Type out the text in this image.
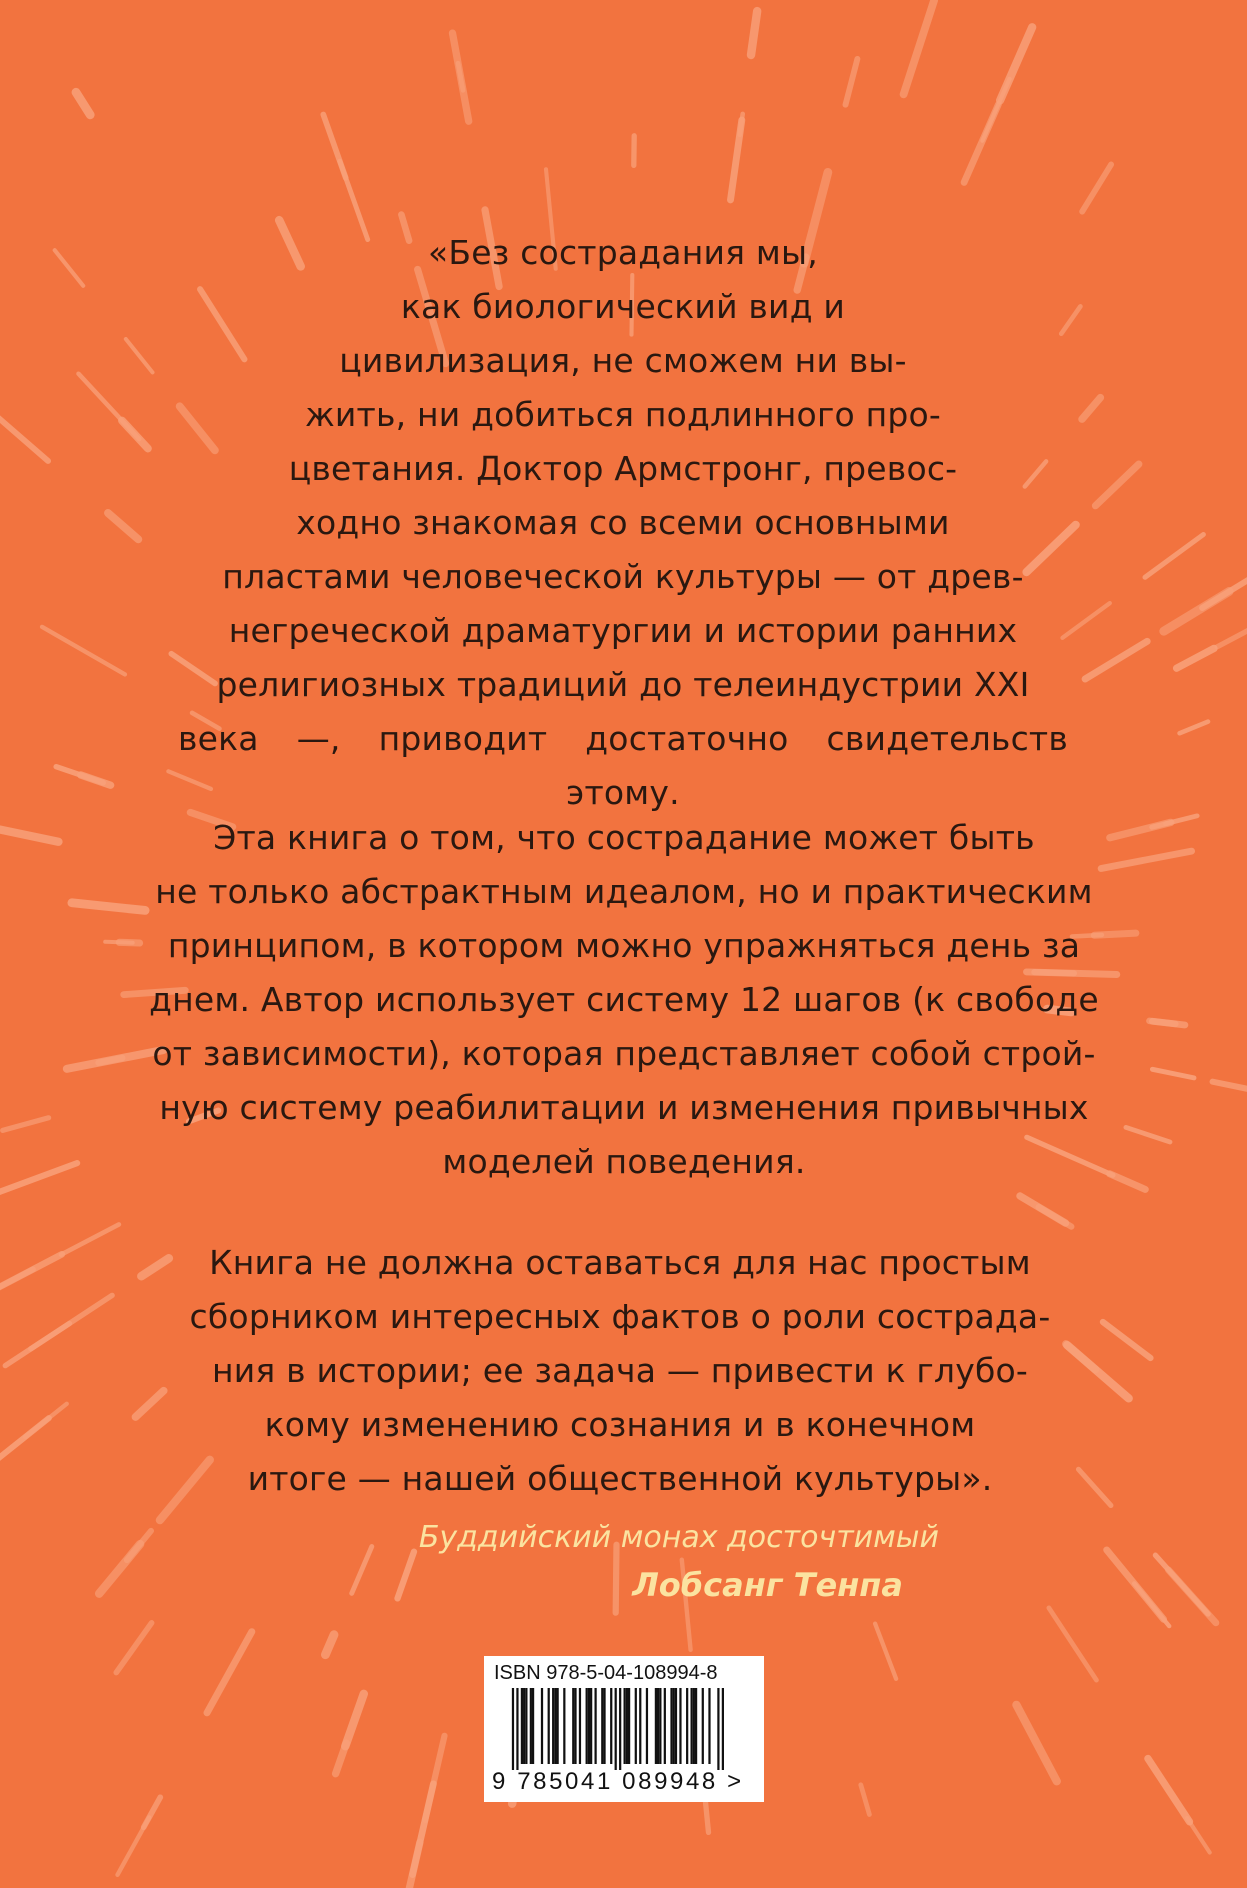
«Без сострадания мы,
как биологический вид и
цивилизация, не сможем ни вы-
жить, ни добиться подлинного про-
цветания. Доктор Армстронг, превос-
ходно знакомая со всеми основными
пластами человеческой культуры — от древ-
негреческой драматургии и истории ранних
религиозных традиций до телеиндустрии XXI
века —, приводит достаточно свидетельств этому.

Эта книга о том, что сострадание может быть
не только абстрактным идеалом, но и практическим
принципом, в котором можно упражняться день за
днем. Автор использует систему 12 шагов (к свободе
от зависимости), которая представляет собой строй-
ную систему реабилитации и изменения привычных
моделей поведения.

Книга не должна оставаться для нас простым
сборником интересных фактов о роли сострада-
ния в истории; ее задача — привести к глубо-
кому изменению сознания и в конечном
итоге — нашей общественной культуры».

Буддийский монах досточтимый
Лобсанг Тенпа
ISBN 978-5-04-108994-8
9 785041 089948 >
